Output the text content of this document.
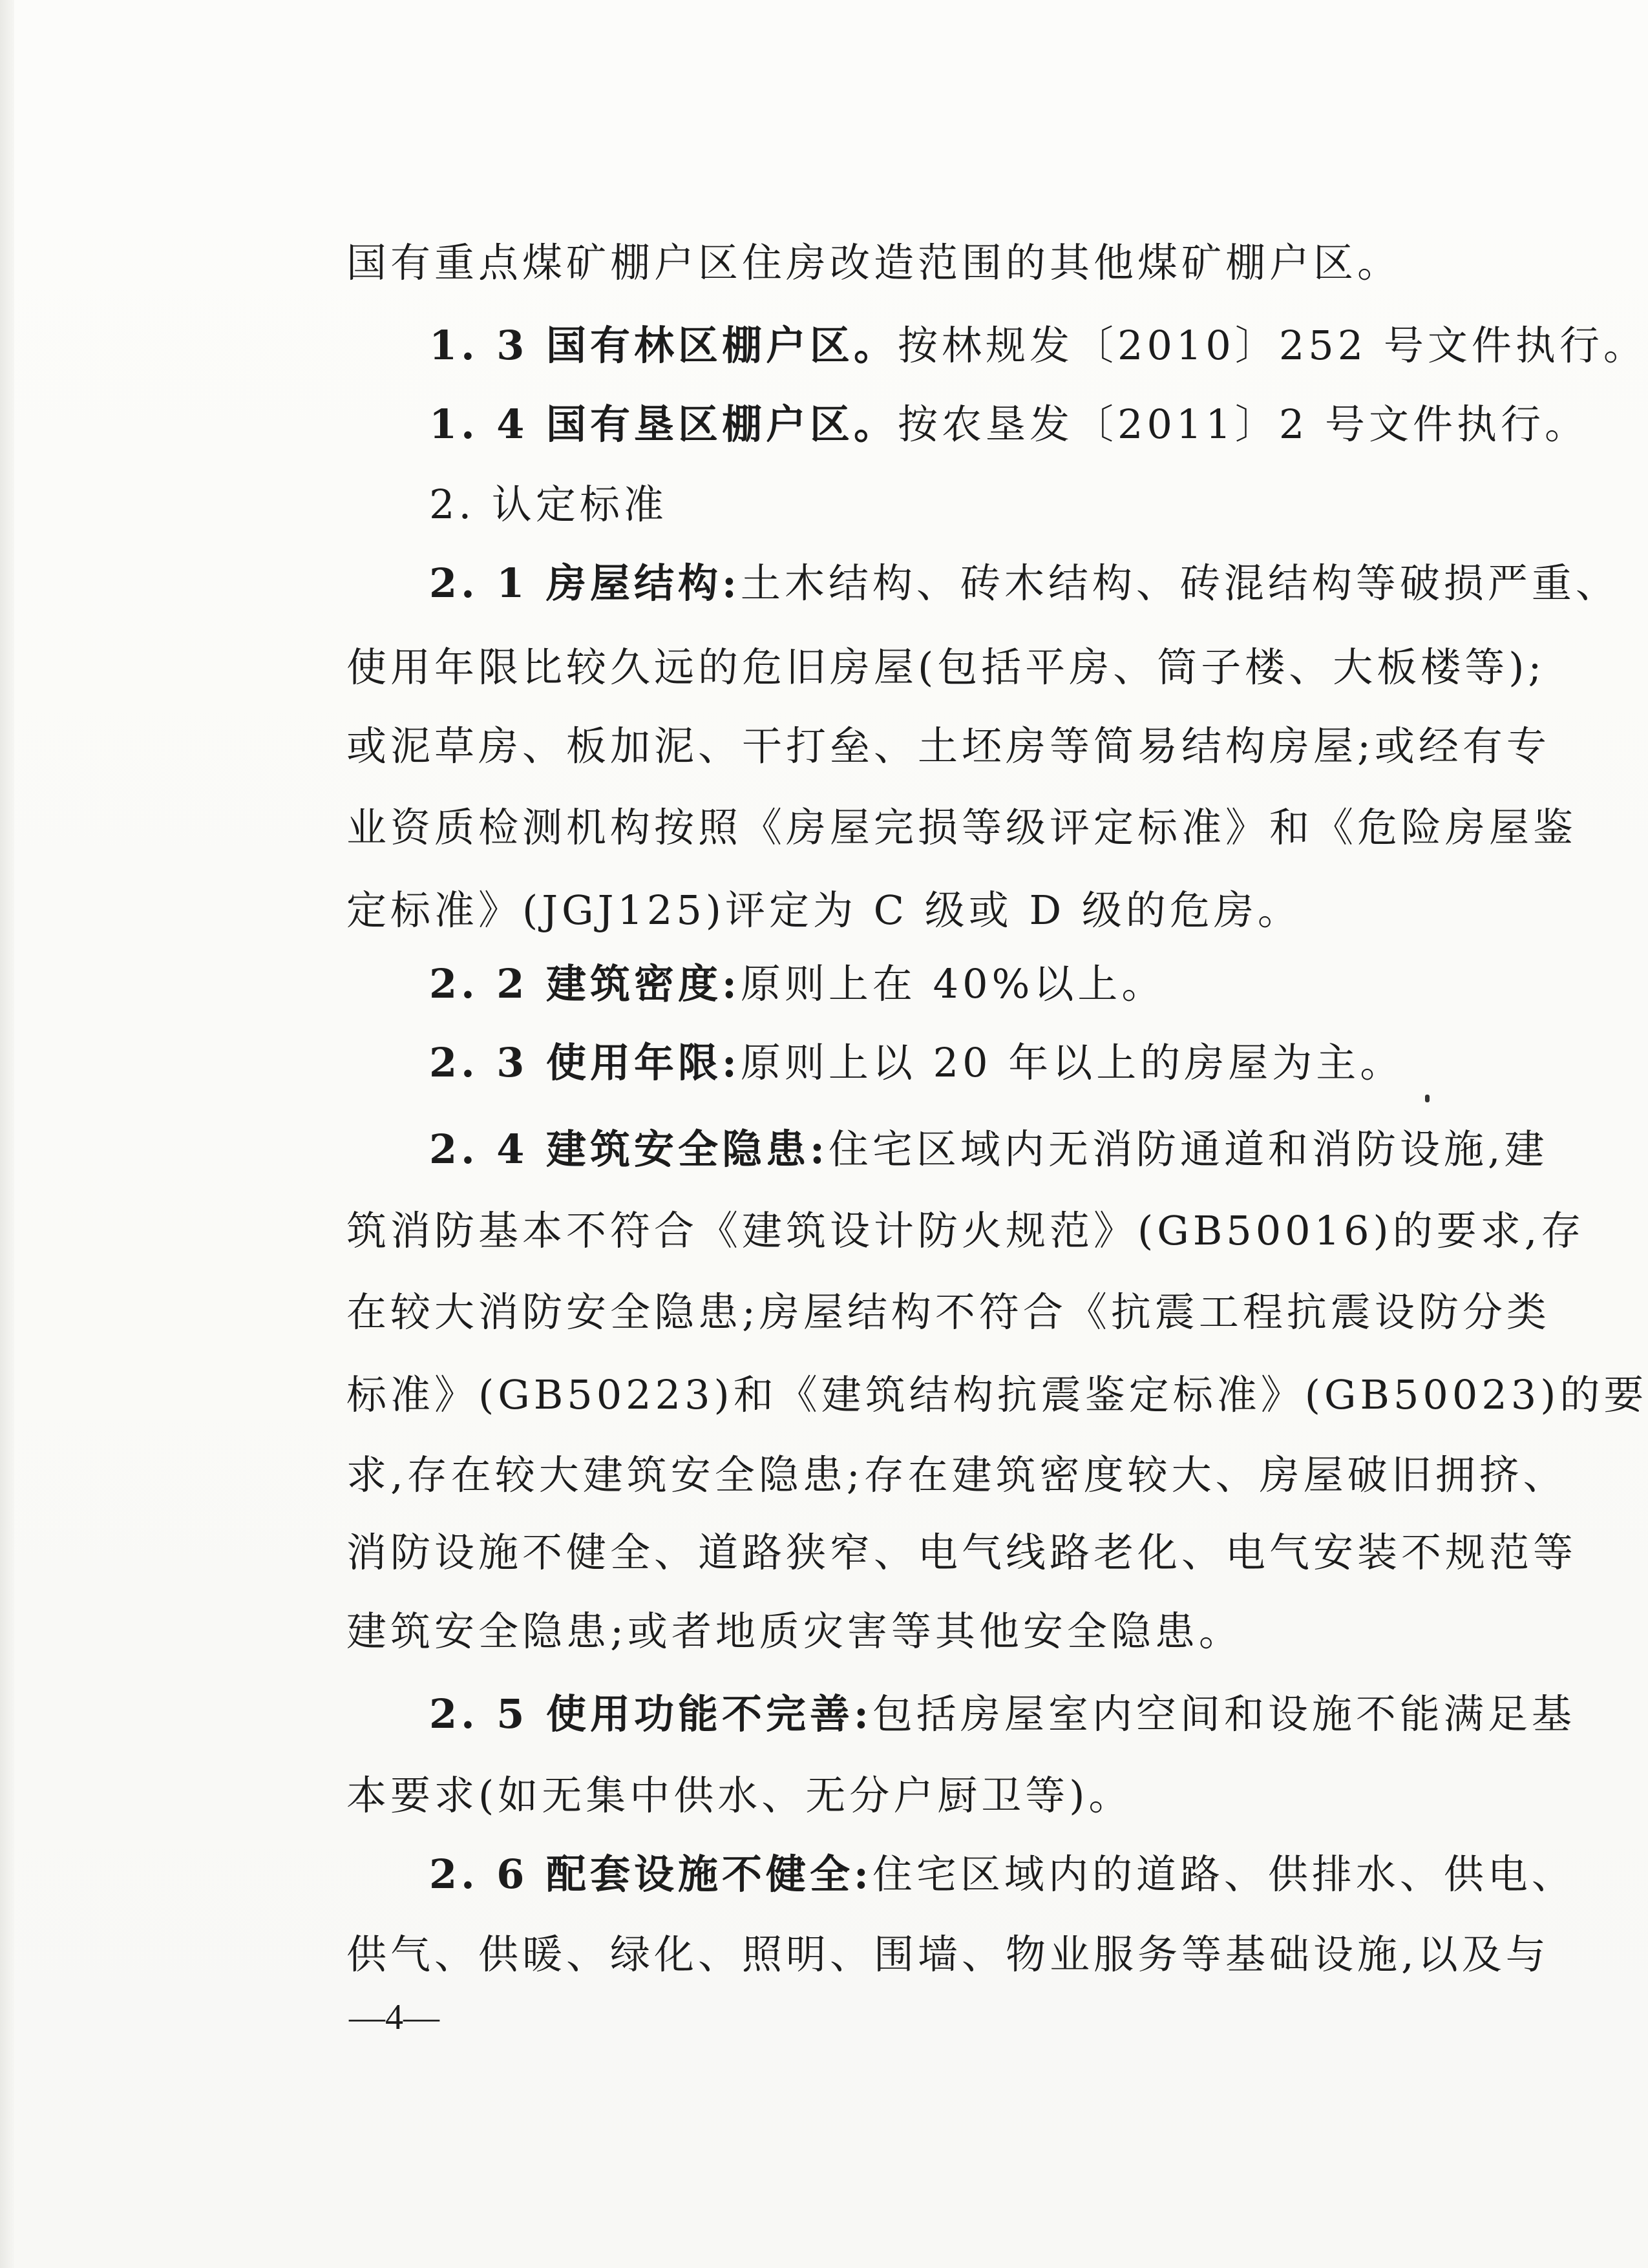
国有重点煤矿棚户区住房改造范围的其他煤矿棚户区。
1. 3 国有林区棚户区。按林规发〔2010〕252 号文件执行。
1. 4 国有垦区棚户区。按农垦发〔2011〕2 号文件执行。
2. 认定标准
2. 1 房屋结构:土木结构、砖木结构、砖混结构等破损严重、
使用年限比较久远的危旧房屋(包括平房、筒子楼、大板楼等);
或泥草房、板加泥、干打垒、土坯房等简易结构房屋;或经有专
业资质检测机构按照《房屋完损等级评定标准》和《危险房屋鉴
定标准》(JGJ125)评定为 C 级或 D 级的危房。
2. 2 建筑密度:原则上在 40%以上。
2. 3 使用年限:原则上以 20 年以上的房屋为主。
2. 4 建筑安全隐患:住宅区域内无消防通道和消防设施,建
筑消防基本不符合《建筑设计防火规范》(GB50016)的要求,存
在较大消防安全隐患;房屋结构不符合《抗震工程抗震设防分类
标准》(GB50223)和《建筑结构抗震鉴定标准》(GB50023)的要
求,存在较大建筑安全隐患;存在建筑密度较大、房屋破旧拥挤、
消防设施不健全、道路狭窄、电气线路老化、电气安装不规范等
建筑安全隐患;或者地质灾害等其他安全隐患。
2. 5 使用功能不完善:包括房屋室内空间和设施不能满足基
本要求(如无集中供水、无分户厨卫等)。
2. 6 配套设施不健全:住宅区域内的道路、供排水、供电、
供气、供暖、绿化、照明、围墙、物业服务等基础设施,以及与
—4—
